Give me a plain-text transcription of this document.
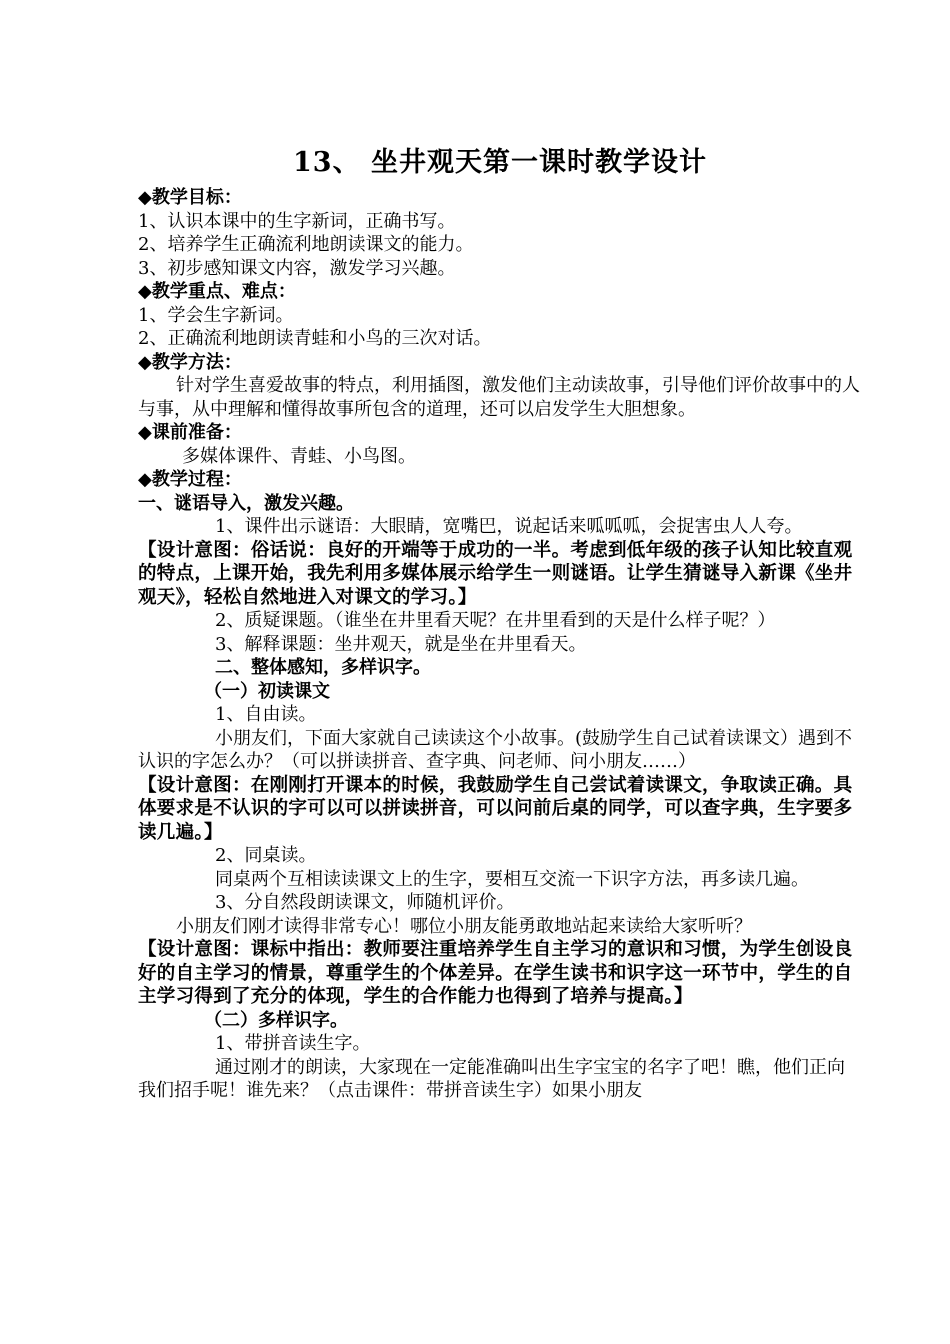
13、 坐井观天第一课时教学设计
◆教学目标：
1、认识本课中的生字新词，正确书写。
2、培养学生正确流利地朗读课文的能力。
3、初步感知课文内容，激发学习兴趣。
◆教学重点、难点：
1、学会生字新词。
2、正确流利地朗读青蛙和小鸟的三次对话。
◆教学方法：
针对学生喜爱故事的特点，利用插图，激发他们主动读故事，引导他们评价故事中的人与事，从中理解和懂得故事所包含的道理，还可以启发学生大胆想象。
◆课前准备：
多媒体课件、青蛙、小鸟图。
◆教学过程：
一、谜语导入，激发兴趣。
1、课件出示谜语：大眼睛，宽嘴巴，说起话来呱呱呱，会捉害虫人人夸。
【设计意图：俗话说：良好的开端等于成功的一半。考虑到低年级的孩子认知比较直观的特点，上课开始，我先利用多媒体展示给学生一则谜语。让学生猜谜导入新课《坐井观天》，轻松自然地进入对课文的学习。】
2、质疑课题。（谁坐在井里看天呢？在井里看到的天是什么样子呢？）
3、解释课题：坐井观天，就是坐在井里看天。
二、整体感知，多样识字。
（一）初读课文
1、自由读。
小朋友们，下面大家就自己读读这个小故事。(鼓励学生自己试着读课文）遇到不认识的字怎么办？（可以拼读拼音、查字典、问老师、问小朋友……）
【设计意图：在刚刚打开课本的时候，我鼓励学生自己尝试着读课文，争取读正确。具体要求是不认识的字可以可以拼读拼音，可以问前后桌的同学，可以查字典，生字要多读几遍。】
2、同桌读。
同桌两个互相读读课文上的生字，要相互交流一下识字方法，再多读几遍。
3、分自然段朗读课文，师随机评价。
小朋友们刚才读得非常专心！哪位小朋友能勇敢地站起来读给大家听听？
【设计意图：课标中指出：教师要注重培养学生自主学习的意识和习惯，为学生创设良好的自主学习的情景，尊重学生的个体差异。在学生读书和识字这一环节中，学生的自主学习得到了充分的体现，学生的合作能力也得到了培养与提高。】
（二）多样识字。
1、带拼音读生字。
通过刚才的朗读，大家现在一定能准确叫出生字宝宝的名字了吧！瞧，他们正向我们招手呢！谁先来？（点击课件：带拼音读生字）如果小朋友
